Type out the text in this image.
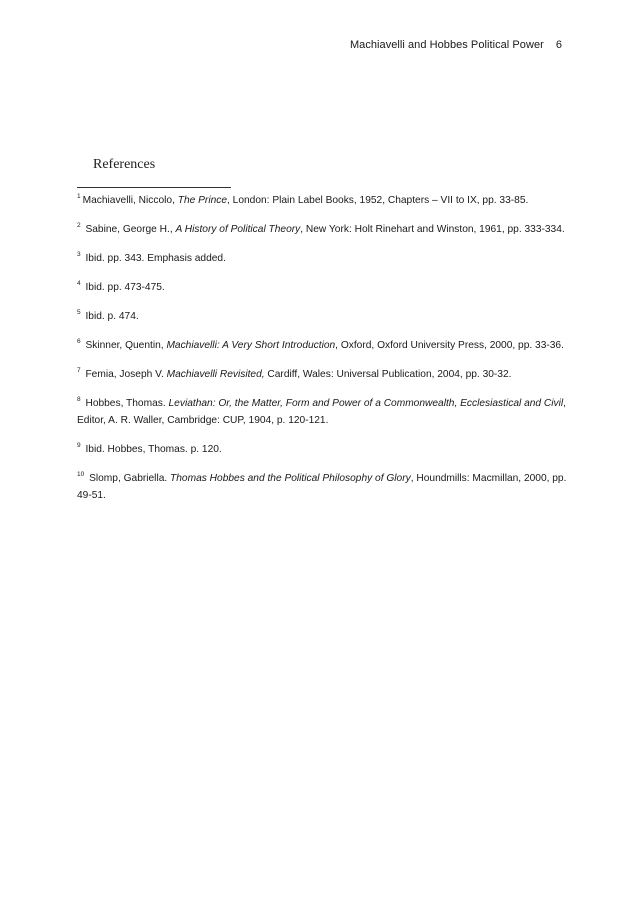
Machiavelli and Hobbes Political Power 6
References

$^1$ Machiavelli, Niccolo, The Prince, London: Plain Label Books, 1952, Chapters – VII to IX, pp. 33-85.

$^2$ Sabine, George H., A History of Political Theory, New York: Holt Rinehart and Winston, 1961, pp. 333-334.

$^3$ Ibid. pp. 343. Emphasis added.

$^4$ Ibid. pp. 473-475.

$^5$ Ibid. p. 474.

$^6$ Skinner, Quentin, Machiavelli: A Very Short Introduction, Oxford, Oxford University Press, 2000, pp. 33-36.

$^7$ Femia, Joseph V. Machiavelli Revisited, Cardiff, Wales: Universal Publication, 2004, pp. 30-32.

$^8$ Hobbes, Thomas. Leviathan: Or, the Matter, Form and Power of a Commonwealth, Ecclesiastical and Civil, Editor, A. R. Waller, Cambridge: CUP, 1904, p. 120-121.

$^9$ Ibid. Hobbes, Thomas. p. 120.

$^{10}$ Slomp, Gabriella. Thomas Hobbes and the Political Philosophy of Glory, Houndmills: Macmillan, 2000, pp. 49-51.
